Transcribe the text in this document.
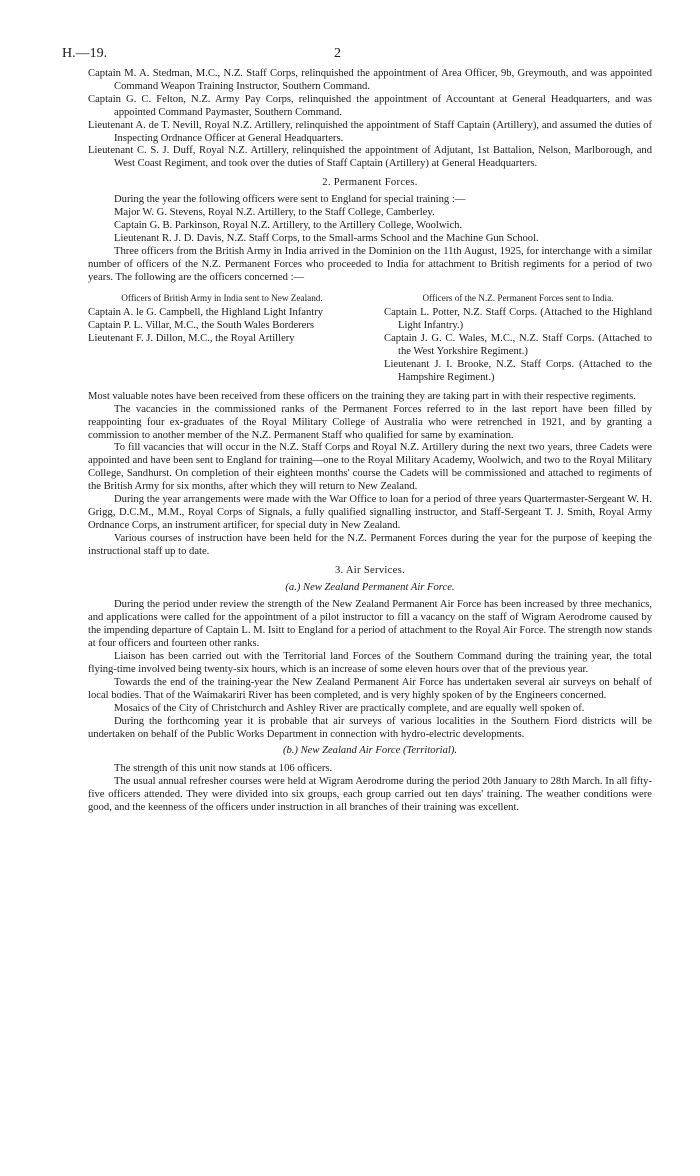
H.—19.	2

Captain M. A. Stedman, M.C., N.Z. Staff Corps, relinquished the appointment of Area Officer, 9b, Greymouth, and was appointed Command Weapon Training Instructor, Southern Command.

Captain G. C. Felton, N.Z. Army Pay Corps, relinquished the appointment of Accountant at General Headquarters, and was appointed Command Paymaster, Southern Command.

Lieutenant A. de T. Nevill, Royal N.Z. Artillery, relinquished the appointment of Staff Captain (Artillery), and assumed the duties of Inspecting Ordnance Officer at General Headquarters.

Lieutenant C. S. J. Duff, Royal N.Z. Artillery, relinquished the appointment of Adjutant, 1st Battalion, Nelson, Marlborough, and West Coast Regiment, and took over the duties of Staff Captain (Artillery) at General Headquarters.

2. Permanent Forces.

During the year the following officers were sent to England for special training :—

Major W. G. Stevens, Royal N.Z. Artillery, to the Staff College, Camberley.

Captain G. B. Parkinson, Royal N.Z. Artillery, to the Artillery College, Woolwich.

Lieutenant R. J. D. Davis, N.Z. Staff Corps, to the Small-arms School and the Machine Gun School.

Three officers from the British Army in India arrived in the Dominion on the 11th August, 1925, for interchange with a similar number of officers of the N.Z. Permanent Forces who proceeded to India for attachment to British regiments for a period of two years. The following are the officers concerned :—

Officers of British Army in India sent to New Zealand.

Captain A. le G. Campbell, the Highland Light Infantry

Captain P. L. Villar, M.C., the South Wales Borderers

Lieutenant F. J. Dillon, M.C., the Royal Artillery

Officers of the N.Z. Permanent Forces sent to India.

Captain L. Potter, N.Z. Staff Corps. (Attached to the Highland Light Infantry.)

Captain J. G. C. Wales, M.C., N.Z. Staff Corps. (Attached to the West Yorkshire Regiment.)

Lieutenant J. I. Brooke, N.Z. Staff Corps. (Attached to the Hampshire Regiment.)

Most valuable notes have been received from these officers on the training they are taking part in with their respective regiments.

The vacancies in the commissioned ranks of the Permanent Forces referred to in the last report have been filled by reappointing four ex-graduates of the Royal Military College of Australia who were retrenched in 1921, and by granting a commission to another member of the N.Z. Permanent Staff who qualified for same by examination.

To fill vacancies that will occur in the N.Z. Staff Corps and Royal N.Z. Artillery during the next two years, three Cadets were appointed and have been sent to England for training—one to the Royal Military Academy, Woolwich, and two to the Royal Military College, Sandhurst. On completion of their eighteen months' course the Cadets will be commissioned and attached to regiments of the British Army for six months, after which they will return to New Zealand.

During the year arrangements were made with the War Office to loan for a period of three years Quartermaster-Sergeant W. H. Grigg, D.C.M., M.M., Royal Corps of Signals, a fully qualified signalling instructor, and Staff-Sergeant T. J. Smith, Royal Army Ordnance Corps, an instrument artificer, for special duty in New Zealand.

Various courses of instruction have been held for the N.Z. Permanent Forces during the year for the purpose of keeping the instructional staff up to date.

3. Air Services.
(a.) New Zealand Permanent Air Force.

During the period under review the strength of the New Zealand Permanent Air Force has been increased by three mechanics, and applications were called for the appointment of a pilot instructor to fill a vacancy on the staff of Wigram Aerodrome caused by the impending departure of Captain L. M. Isitt to England for a period of attachment to the Royal Air Force. The strength now stands at four officers and fourteen other ranks.

Liaison has been carried out with the Territorial land Forces of the Southern Command during the training year, the total flying-time involved being twenty-six hours, which is an increase of some eleven hours over that of the previous year.

Towards the end of the training-year the New Zealand Permanent Air Force has undertaken several air surveys on behalf of local bodies. That of the Waimakariri River has been completed, and is very highly spoken of by the Engineers concerned.

Mosaics of the City of Christchurch and Ashley River are practically complete, and are equally well spoken of.

During the forthcoming year it is probable that air surveys of various localities in the Southern Fiord districts will be undertaken on behalf of the Public Works Department in connection with hydro-electric developments.

(b.) New Zealand Air Force (Territorial).

The strength of this unit now stands at 106 officers.

The usual annual refresher courses were held at Wigram Aerodrome during the period 20th January to 28th March. In all fifty-five officers attended. They were divided into six groups, each group carried out ten days' training. The weather conditions were good, and the keenness of the officers under instruction in all branches of their training was excellent.
